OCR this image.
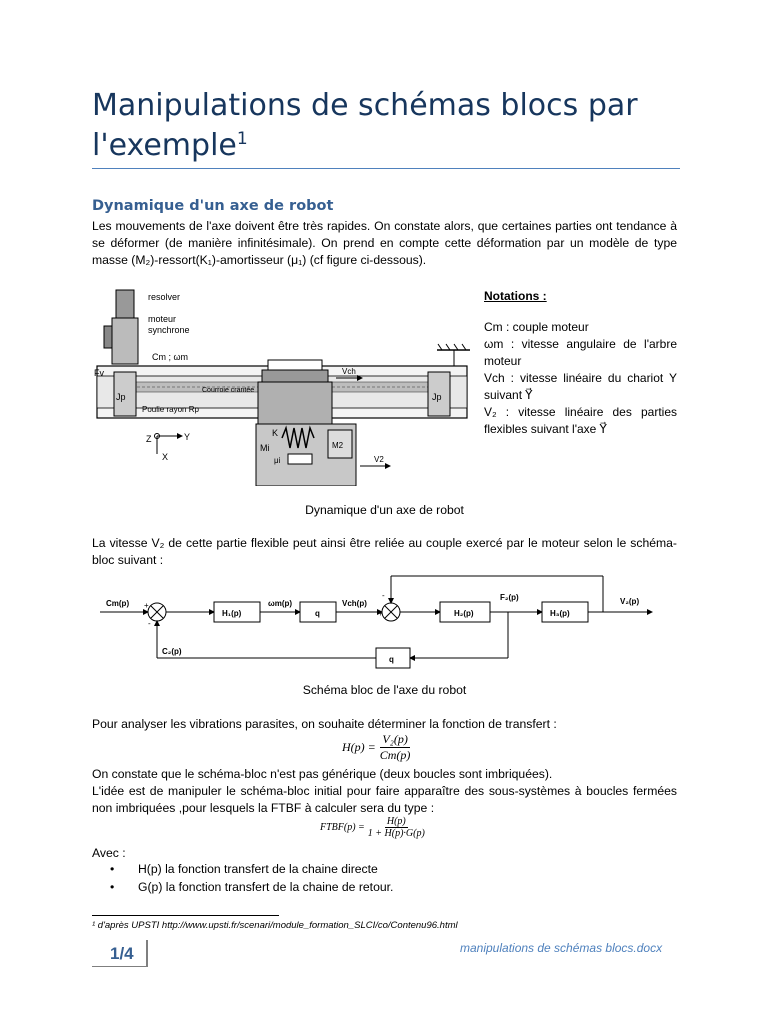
Manipulations de schémas blocs par l'exemple$^1$
Dynamique d'un axe de robot
Les mouvements de l'axe doivent être très rapides. On constate alors, que certaines parties ont tendance à se déformer (de manière infinitésimale). On prend en compte cette déformation par un modèle de type masse (M₂)-ressort(K₁)-amortisseur (μ₁) (cf figure ci-dessous).
resolver
moteur
synchrone
Cm ; ωm
Fv	Vch
Courroie crantée
Poulie rayon Rp
Jp	Jp
K
Mi
μi
M2
V2
Z	Y
X
Notations :
Cm : couple moteur
ωm : vitesse angulaire de l'arbre moteur
Vch : vitesse linéaire du chariot Y suivant Y⃗
V₂ : vitesse linéaire des parties flexibles suivant l'axe Y⃗
Dynamique d'un axe de robot
La vitesse V₂ de cette partie flexible peut ainsi être reliée au couple exercé par le moteur selon le schéma-bloc suivant :
Cm(p)
H₁(p)
ωm(p)
q
Vch(p)
H₂(p)
F₂(p)
H₃(p)
V₂(p)
C₂(p)
q
+
-
+
-
Schéma bloc de l'axe du robot
Pour analyser les vibrations parasites, on souhaite déterminer la fonction de transfert :
$H(p) = \frac{\text{V₂(p)}}{Cm(p)}$
On constate que le schéma-bloc n'est pas générique (deux boucles sont imbriquées).
L'idée est de manipuler le schéma-bloc initial pour faire apparaître des sous-systèmes à boucles fermées non imbriquées ,pour lesquels la FTBF à calculer sera du type :
FTBF(p) = $\frac{H(p)}{1 + H(p)\cdot G(p)}$
Avec :
• H(p) la fonction transfert de la chaine directe
• G(p) la fonction transfert de la chaine de retour.
¹ d'après UPSTI http://www.upsti.fr/scenari/module_formation_SLCI/co/Contenu96.html
1/4	manipulations de schémas blocs.docx
